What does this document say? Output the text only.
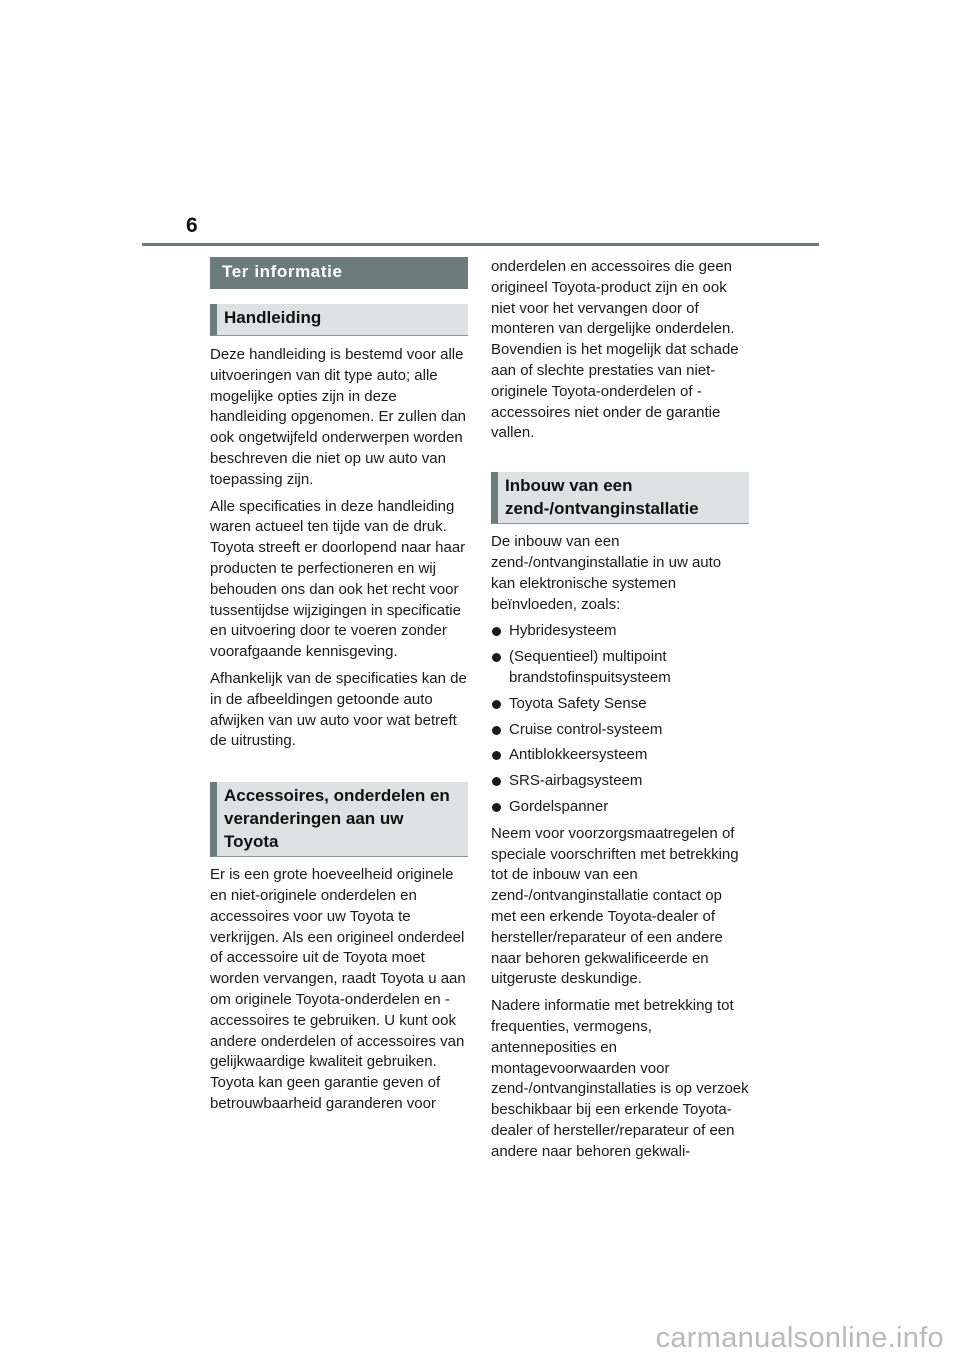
6
Ter informatie
Handleiding

Deze handleiding is bestemd voor alle uitvoeringen van dit type auto; alle mogelijke opties zijn in deze handleiding opgenomen. Er zullen dan ook ongetwijfeld onderwerpen worden beschreven die niet op uw auto van toepassing zijn.

Alle specificaties in deze handleiding waren actueel ten tijde van de druk. Toyota streeft er doorlopend naar haar producten te perfectioneren en wij behouden ons dan ook het recht voor tussentijdse wijzigingen in specificatie en uitvoering door te voeren zonder voorafgaande kennisgeving.

Afhankelijk van de specificaties kan de in de afbeeldingen getoonde auto afwijken van uw auto voor wat betreft de uitrusting.

Accessoires, onderdelen en veranderingen aan uw Toyota

Er is een grote hoeveelheid originele en niet-originele onderdelen en accessoires voor uw Toyota te verkrijgen. Als een origineel onderdeel of accessoire uit de Toyota moet worden vervangen, raadt Toyota u aan om originele Toyota-onderdelen en -accessoires te gebruiken. U kunt ook andere onderdelen of accessoires van gelijkwaardige kwaliteit gebruiken. Toyota kan geen garantie geven of betrouwbaarheid garanderen voor

onderdelen en accessoires die geen origineel Toyota-product zijn en ook niet voor het vervangen door of monteren van dergelijke onderdelen. Bovendien is het mogelijk dat schade aan of slechte prestaties van niet-originele Toyota-onderdelen of -accessoires niet onder de garantie vallen.

Inbouw van een zend-/ontvanginstallatie

De inbouw van een zend-/ontvanginstallatie in uw auto kan elektronische systemen beïnvloeden, zoals:

Hybridesysteem
(Sequentieel) multipoint brandstofinspuitsysteem
Toyota Safety Sense
Cruise control-systeem
Antiblokkeersysteem
SRS-airbagsysteem
Gordelspanner

Neem voor voorzorgsmaatregelen of speciale voorschriften met betrekking tot de inbouw van een zend-/ontvanginstallatie contact op met een erkende Toyota-dealer of hersteller/reparateur of een andere naar behoren gekwalificeerde en uitgeruste deskundige.

Nadere informatie met betrekking tot frequenties, vermogens, antenneposities en montagevoorwaarden voor zend-/ontvanginstallaties is op verzoek beschikbaar bij een erkende Toyota-dealer of hersteller/reparateur of een andere naar behoren gekwali-

carmanualsonline.info
